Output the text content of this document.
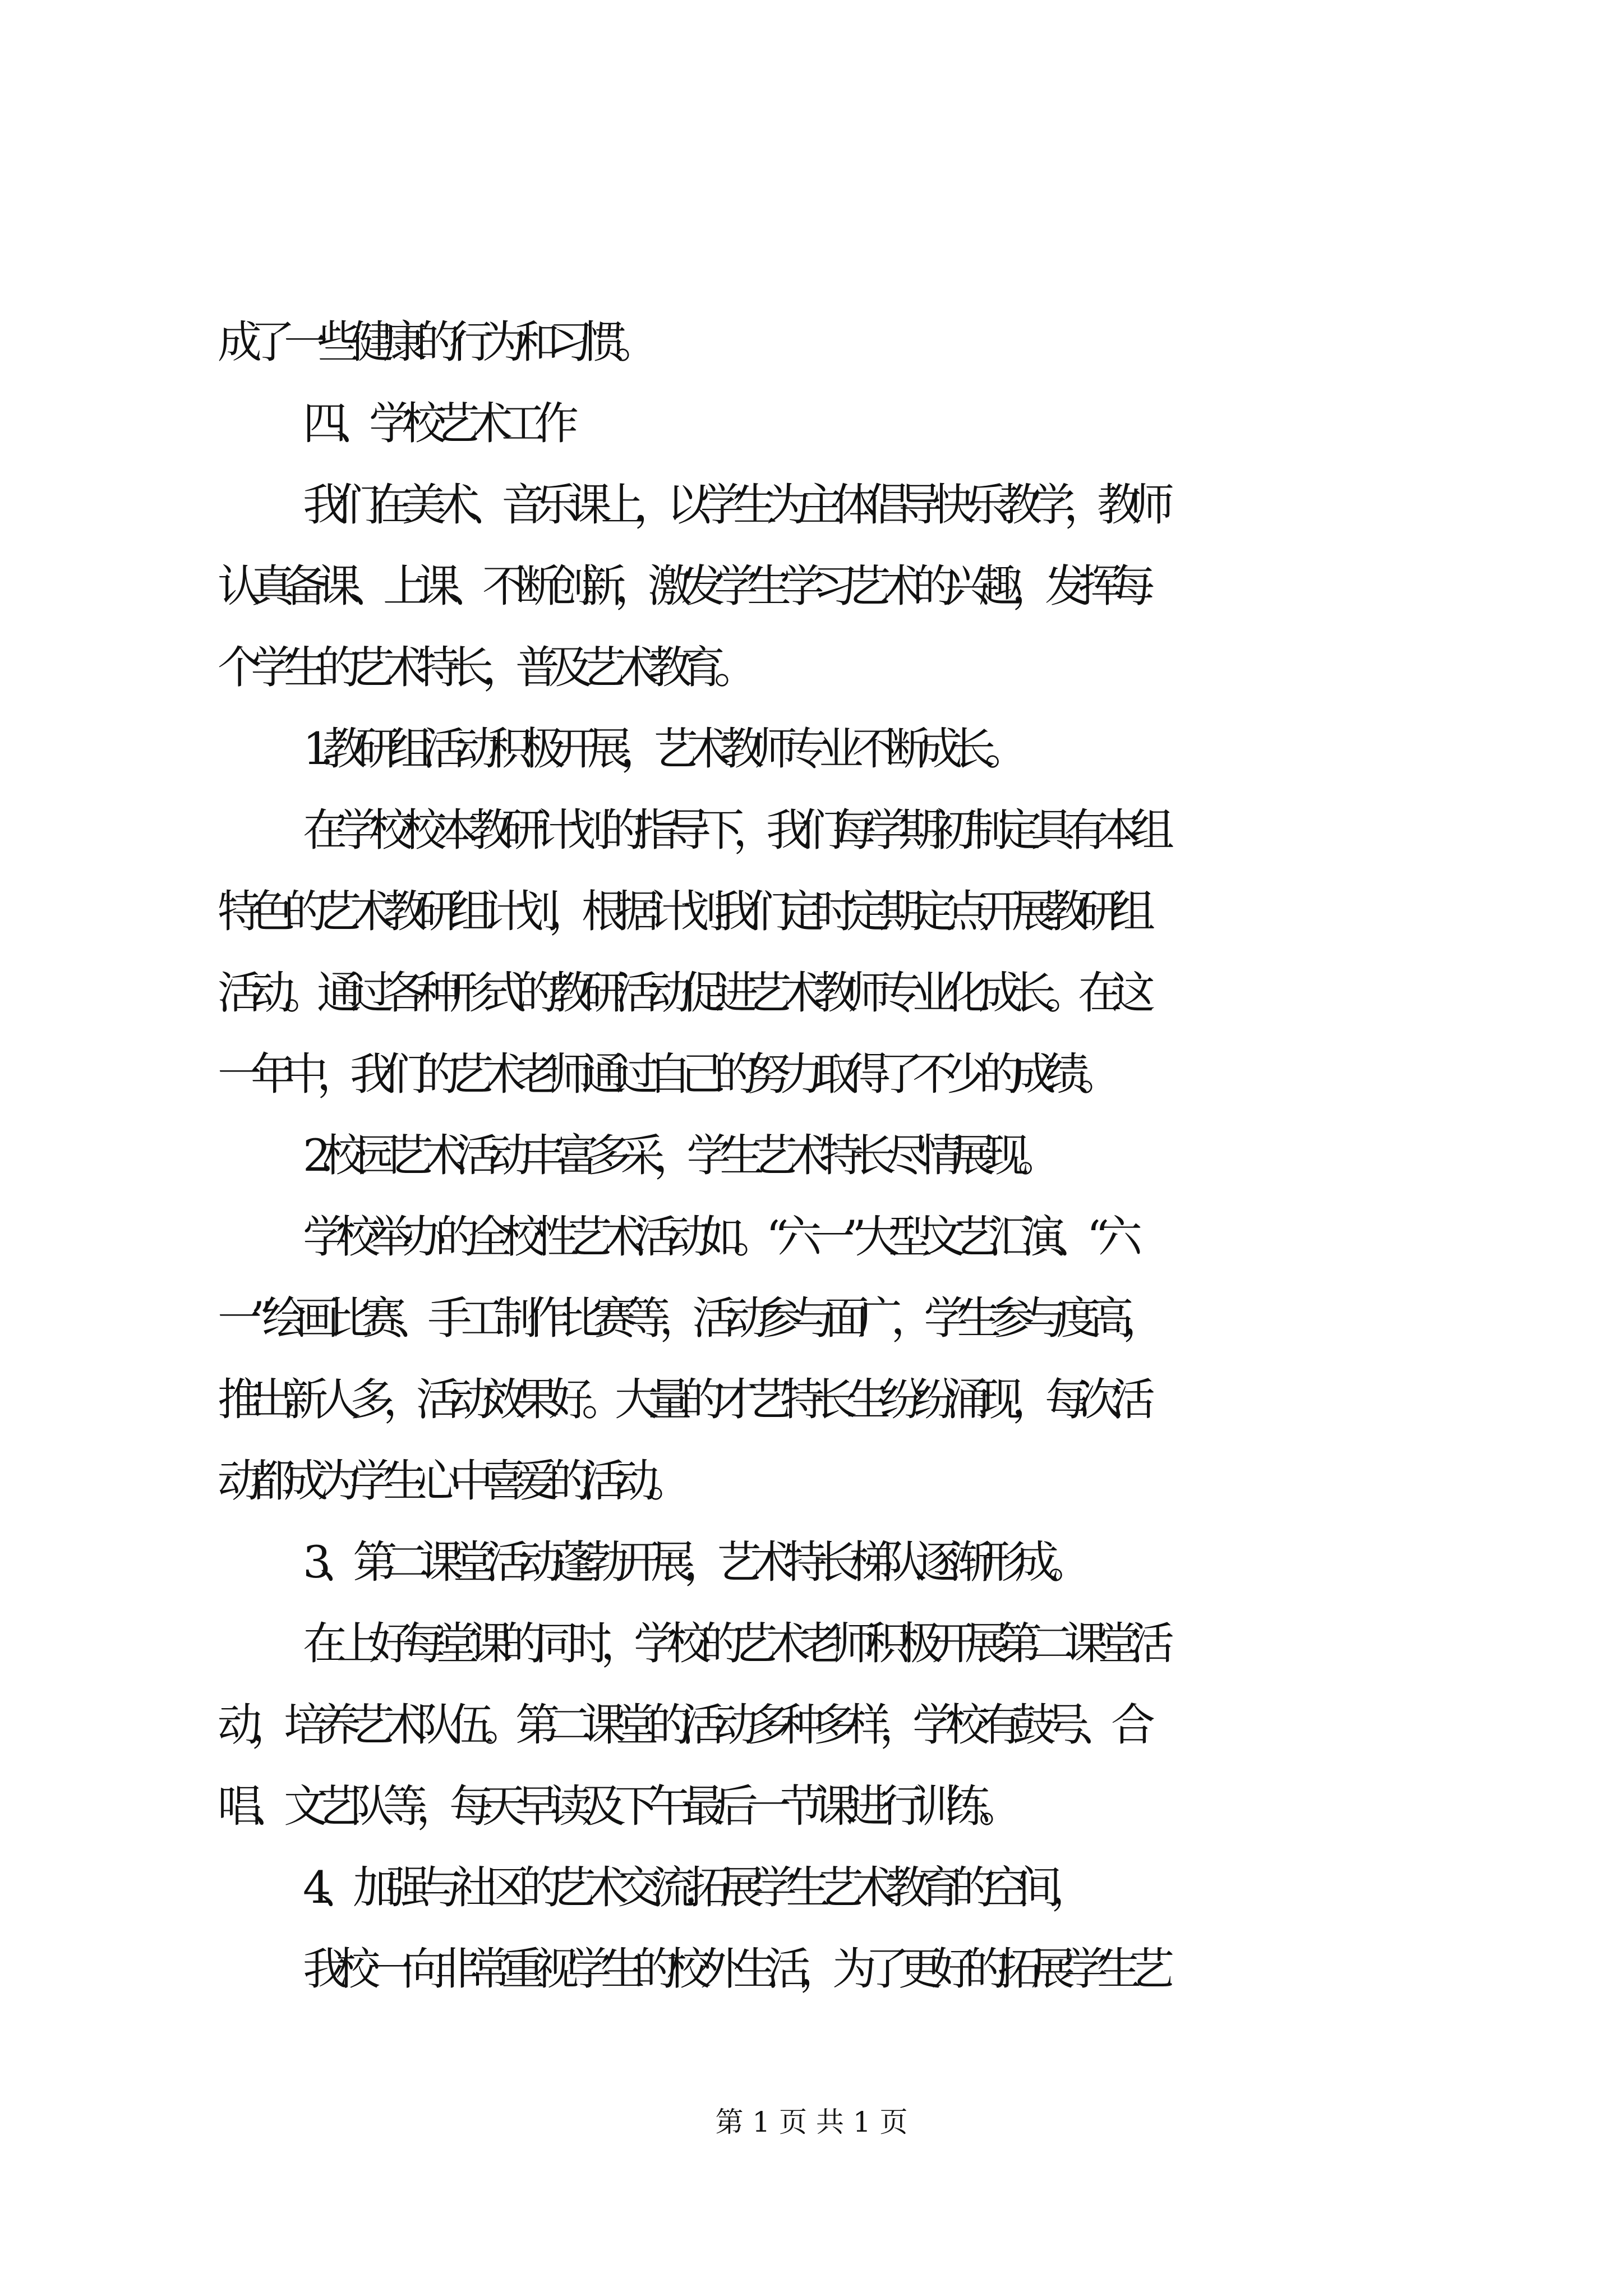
成了一些健康的行为和习惯。
四、学校艺术工作
我们在美术、音乐课上，以学生为主体倡导快乐教学，教师
认真备课、上课、不断创新，激发学生学习艺术的兴趣，发挥每
个学生的艺术特长，普及艺术教育。
1.教研组活动积极开展，艺术教师专业不断成长。
在学校校本教研计划的指导下，我们每学期初制定具有本组
特色的艺术教研组计划，根据计划我们定时定期定点开展教研组
活动。通过各种形式的教研活动促进艺术教师专业化成长。在这
一年中，我们的艺术老师通过自己的努力取得了不少的成绩。
2.校园艺术活动丰富多采，学生艺术特长尽情展现。
学校举办的全校性艺术活动如。“六一”大型文艺汇演、“六
一”绘画比赛、手工制作比赛等，活动参与面广，学生参与度高，
推出新人多，活动效果好。大量的才艺特长生纷纷涌现，每次活
动都成为学生心中喜爱的活动。
3、第二课堂活动蓬勃开展，艺术特长梯队逐渐形成。
在上好每堂课的同时，学校的艺术老师积极开展第二课堂活
动，培养艺术队伍。第二课堂的活动多种多样，学校有鼓号、合
唱、文艺队等，每天早读及下午最后一节课进行训练。
4、加强与社区的艺术交流.拓展学生艺术教育的空间，
我校一向非常重视学生的校外生活，为了更好的拓展学生艺
第 1 页 共 1 页
